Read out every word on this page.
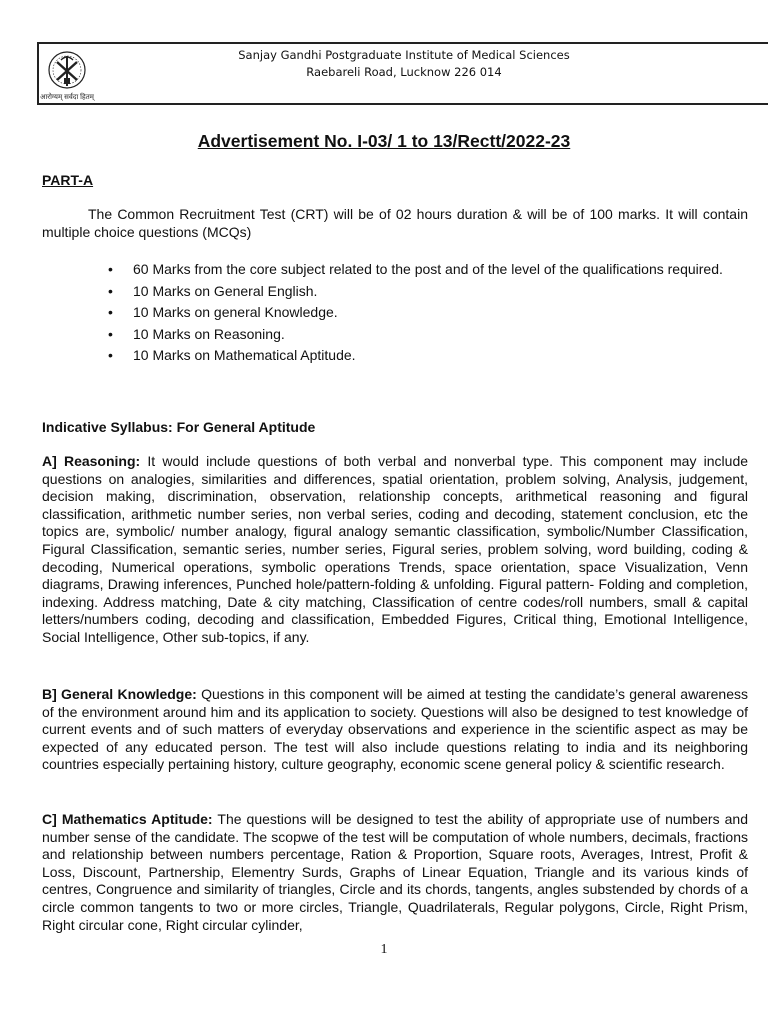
आरोग्यम् सर्वदा हितम्
Sanjay Gandhi Postgraduate Institute of Medical Sciences
Raebareli Road, Lucknow 226 014
Advertisement No. I-03/ 1 to 13/Rectt/2022-23
PART-A

The Common Recruitment Test (CRT) will be of 02 hours duration & will be of 100 marks. It will contain multiple choice questions (MCQs)

• 60 Marks from the core subject related to the post and of the level of the qualifications required.
• 10 Marks on General English.
• 10 Marks on general Knowledge.
• 10 Marks on Reasoning.
• 10 Marks on Mathematical Aptitude.
Indicative Syllabus: For General Aptitude

A] Reasoning: It would include questions of both verbal and nonverbal type. This component may include questions on analogies, similarities and differences, spatial orientation, problem solving, Analysis, judgement, decision making, discrimination, observation, relationship concepts, arithmetical reasoning and figural classification, arithmetic number series, non verbal series, coding and decoding, statement conclusion, etc the topics are, symbolic/ number analogy, figural analogy semantic classification, symbolic/Number Classification, Figural Classification, semantic series, number series, Figural series, problem solving, word building, coding & decoding, Numerical operations, symbolic operations Trends, space orientation, space Visualization, Venn diagrams, Drawing inferences, Punched hole/pattern-folding & unfolding. Figural pattern- Folding and completion, indexing. Address matching, Date & city matching, Classification of centre codes/roll numbers, small & capital letters/numbers coding, decoding and classification, Embedded Figures, Critical thing, Emotional Intelligence, Social Intelligence, Other sub-topics, if any.

B] General Knowledge: Questions in this component will be aimed at testing the candidate’s general awareness of the environment around him and its application to society. Questions will also be designed to test knowledge of current events and of such matters of everyday observations and experience in the scientific aspect as may be expected of any educated person. The test will also include questions relating to india and its neighboring countries especially pertaining history, culture geography, economic scene general policy & scientific research.

C] Mathematics Aptitude: The questions will be designed to test the ability of appropriate use of numbers and number sense of the candidate. The scopwe of the test will be computation of whole numbers, decimals, fractions and relationship between numbers percentage, Ration & Proportion, Square roots, Averages, Intrest, Profit & Loss, Discount, Partnership, Elementry Surds, Graphs of Linear Equation, Triangle and its various kinds of centres, Congruence and similarity of triangles, Circle and its chords, tangents, angles substended by chords of a circle common tangents to two or more circles, Triangle, Quadrilaterals, Regular polygons, Circle, Right Prism, Right circular cone, Right circular cylinder,

1
